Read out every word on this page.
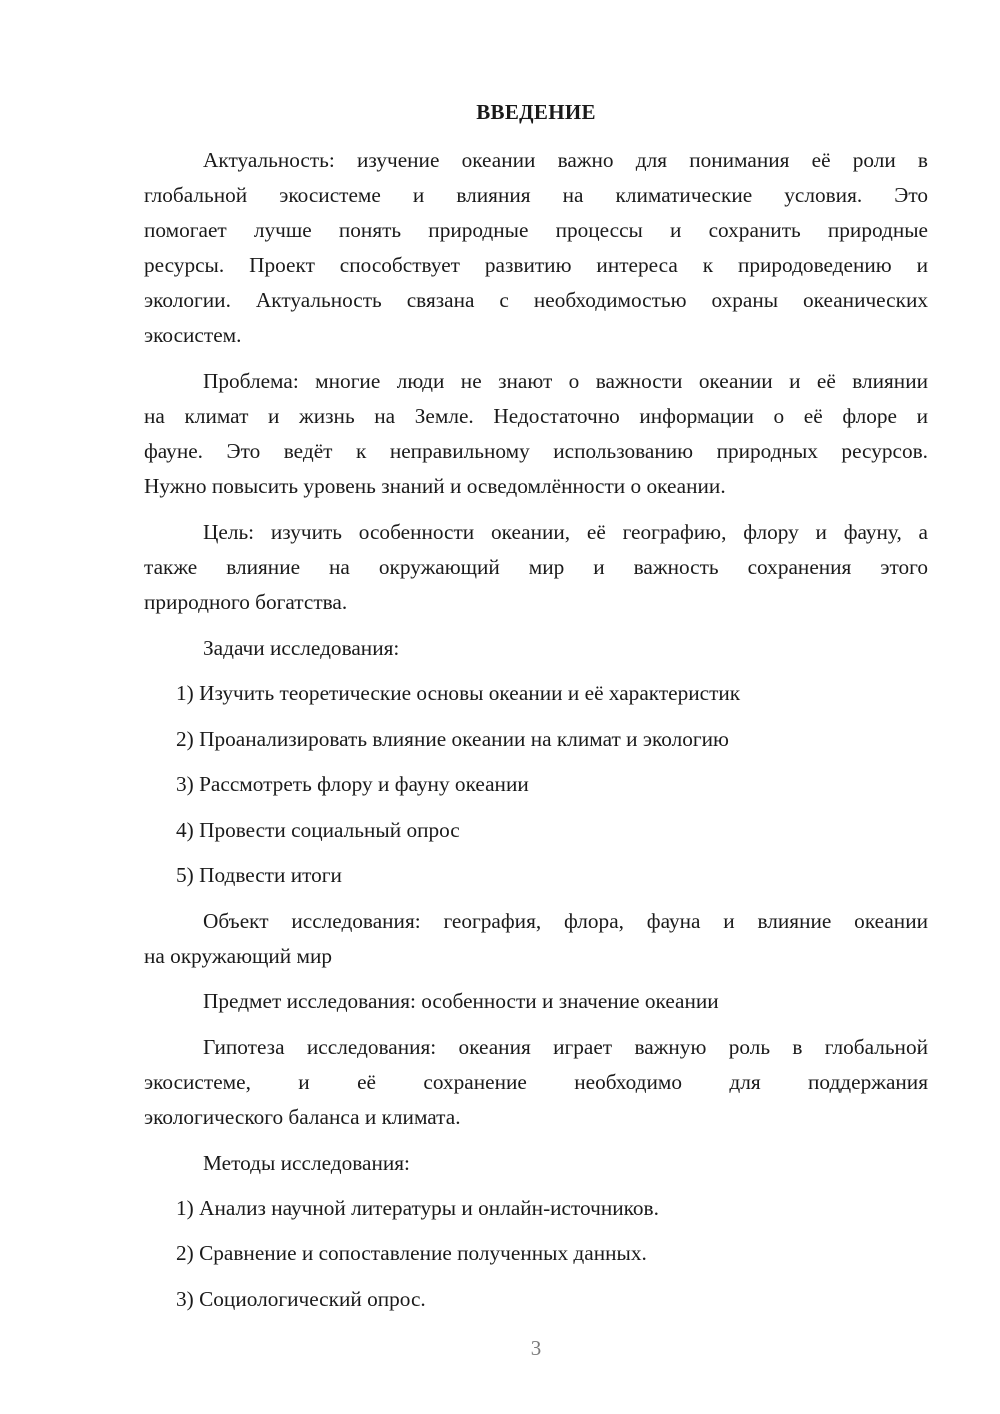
ВВЕДЕНИЕ
Актуальность: изучение океании важно для понимания её роли в
глобальной экосистеме и влияния на климатические условия. Это
помогает лучше понять природные процессы и сохранить природные
ресурсы. Проект способствует развитию интереса к природоведению и
экологии. Актуальность связана с необходимостью охраны океанических
экосистем.
Проблема: многие люди не знают о важности океании и её влиянии
на климат и жизнь на Земле. Недостаточно информации о её флоре и
фауне. Это ведёт к неправильному использованию природных ресурсов.
Нужно повысить уровень знаний и осведомлённости о океании.
Цель: изучить особенности океании, её географию, флору и фауну, а
также влияние на окружающий мир и важность сохранения этого
природного богатства.
Задачи исследования:
1) Изучить теоретические основы океании и её характеристик
2) Проанализировать влияние океании на климат и экологию
3) Рассмотреть флору и фауну океании
4) Провести социальный опрос
5) Подвести итоги
Объект исследования: география, флора, фауна и влияние океании
на окружающий мир
Предмет исследования: особенности и значение океании
Гипотеза исследования: океания играет важную роль в глобальной
экосистеме, и её сохранение необходимо для поддержания
экологического баланса и климата.
Методы исследования:
1) Анализ научной литературы и онлайн-источников.
2) Сравнение и сопоставление полученных данных.
3) Социологический опрос.
3
